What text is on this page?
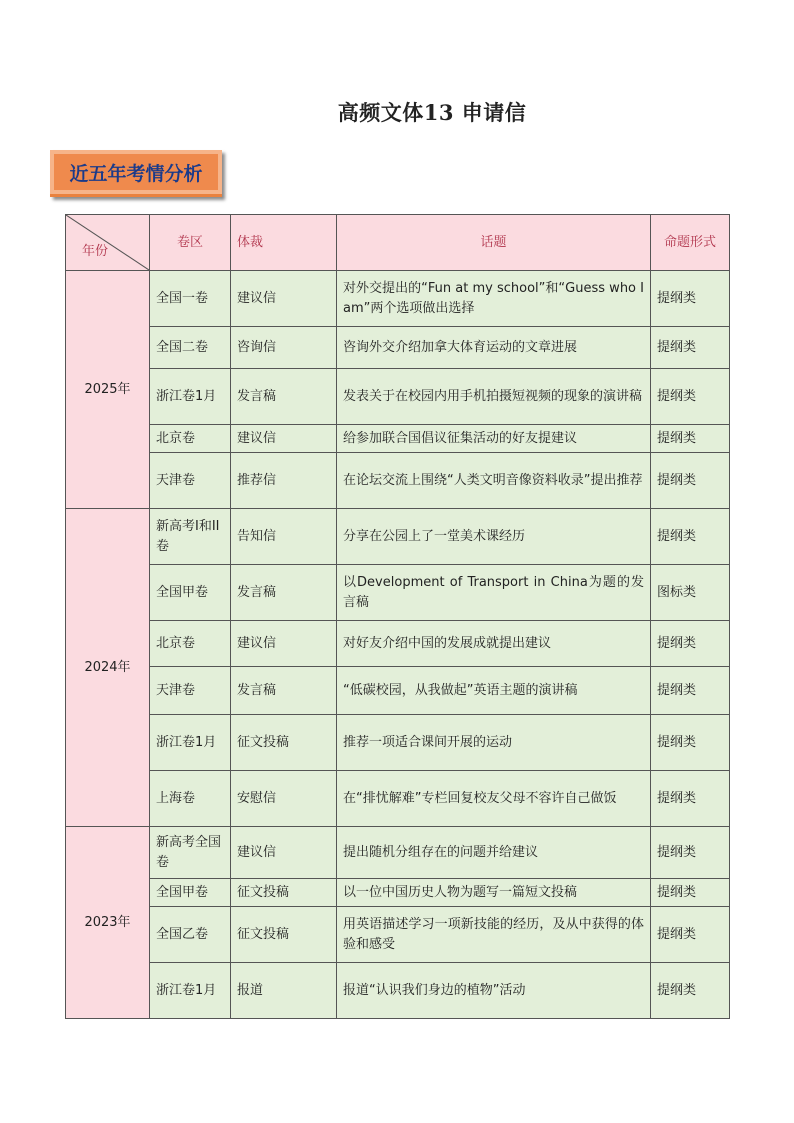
高频文体13 申请信
近五年考情分析
年份	卷区	体裁	话题	命题形式
2025年	全国一卷	建议信	对外交提出的“Fun at my school”和“Guess who I am”两个选项做出选择	提纲类
	全国二卷	咨询信	咨询外交介绍加拿大体育运动的文章进展	提纲类
	浙江卷1月	发言稿	发表关于在校园内用手机拍摄短视频的现象的演讲稿	提纲类
	北京卷	建议信	给参加联合国倡议征集活动的好友提建议	提纲类
	天津卷	推荐信	在论坛交流上围绕“人类文明音像资料收录”提出推荐	提纲类
2024年	新高考I和II卷	告知信	分享在公园上了一堂美术课经历	提纲类
	全国甲卷	发言稿	以Development of Transport in China为题的发言稿	图标类
	北京卷	建议信	对好友介绍中国的发展成就提出建议	提纲类
	天津卷	发言稿	“低碳校园，从我做起”英语主题的演讲稿	提纲类
	浙江卷1月	征文投稿	推荐一项适合课间开展的运动	提纲类
	上海卷	安慰信	在“排忧解难”专栏回复校友父母不容许自己做饭	提纲类
2023年	新高考全国卷	建议信	提出随机分组存在的问题并给建议	提纲类
	全国甲卷	征文投稿	以一位中国历史人物为题写一篇短文投稿	提纲类
	全国乙卷	征文投稿	用英语描述学习一项新技能的经历，及从中获得的体验和感受	提纲类
	浙江卷1月	报道	报道“认识我们身边的植物”活动	提纲类
